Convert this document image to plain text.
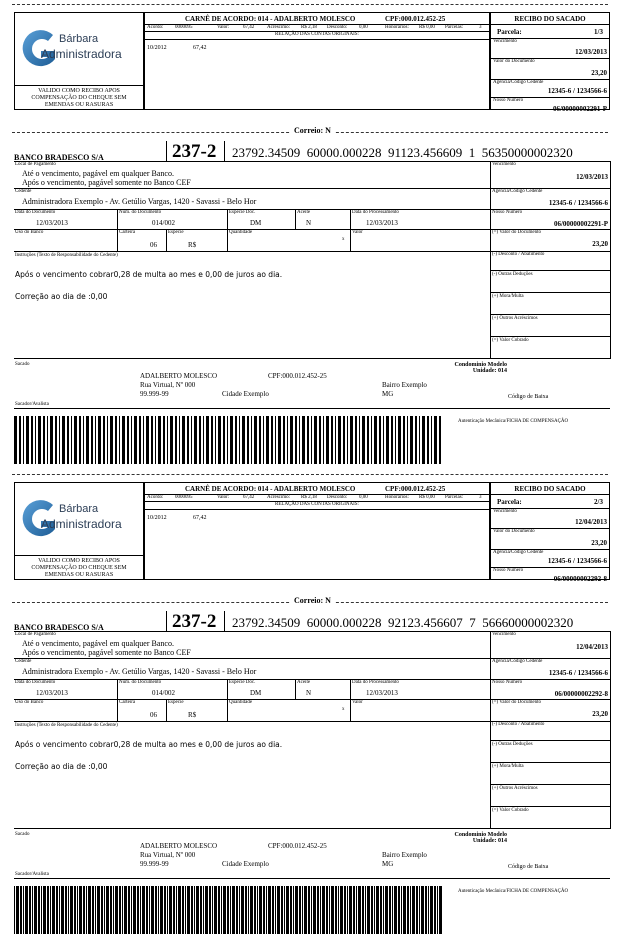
Bárbara
Administradora
VALIDO COMO RECIBO APOS COMPENSAÇÃO DO CHEQUE SEM EMENDAS OU RASURAS
CARNÊ DE ACORDO: 014 - ADALBERTO MOLESCO	CPF:000.012.452-25
Acordo: 0000095	Valor:	67,42	Acréscimo: R$ 2,18 Desconto: 0,00	Honorários: R$ 0,00 Parcelas:	3
RELAÇÃO DAS CONTAS ORIGINAIS:
10/2012	67,42
RECIBO DO SACADO
Parcela:	1/3
Vencimento
12/03/2013
Valor do Documento
23,20
Agência/Código Cedente
12345-6 / 1234566-6
Nosso Numero
06/00000002291-P
Correio: N
BANCO BRADESCO S/A	237-2 23792.34509  60000.000228  91123.456609  1  56350000002320
Local de Pagamento
Até o vencimento, pagável em qualquer Banco.
Após o vencimento, pagável somente no Banco CEF
Cedente
Administradora Exemplo - Av. Getúlio Vargas, 1420 - Savassi - Belo Hor
Data do Documento
12/03/2013
Num. do Documento
014/002
Espécie Doc.
DM
Aceite
N
Data do Processamento
12/03/2013
Uso do Banco	Carteira
06
Espécie
R$
Quantidade
x
Valor
Instruções (Texto de Responsabilidade do Cedente)
Após o vencimento cobrar0,28 de multa ao mes e 0,00 de juros ao dia.
Correção ao dia de :0,00
Vencimento
12/03/2013
Agência/Código Cedente
12345-6 / 1234566-6
Nosso Numero
06/00000002291-P
(=) Valor do Documento
23,20
(-) Desconto / Abatimento
(-) Outras Deduções
(+) Mora/Multa
(+) Outros Acréscimos
(=) Valor Cobrado
Sacado	Condominio Modelo
Unidade: 014
ADALBERTO MOLESCO	CPF:000.012.452-25
Rua Virtual, Nº 000	Bairro Exemplo
99.999-99	Cidade Exemplo	MG	Código de Baixa
Sacador/Avalista
Autenticação Mecânica/FICHA DE COMPENSAÇÃO
Bárbara
Administradora
VALIDO COMO RECIBO APOS COMPENSAÇÃO DO CHEQUE SEM EMENDAS OU RASURAS
CARNÊ DE ACORDO: 014 - ADALBERTO MOLESCO	CPF:000.012.452-25
Acordo: 0000095	Valor:	67,42	Acréscimo: R$ 2,18 Desconto: 0,00	Honorários: R$ 0,00 Parcelas:	3
RELAÇÃO DAS CONTAS ORIGINAIS:
10/2012	67,42
RECIBO DO SACADO
Parcela:	2/3
Vencimento
12/04/2013
Valor do Documento
23,20
Agência/Código Cedente
12345-6 / 1234566-6
Nosso Numero
06/00000002292-8
Correio: N
BANCO BRADESCO S/A	237-2 23792.34509  60000.000228  92123.456607  7  56660000002320
Local de Pagamento
Até o vencimento, pagável em qualquer Banco.
Após o vencimento, pagável somente no Banco CEF
Cedente
Administradora Exemplo - Av. Getúlio Vargas, 1420 - Savassi - Belo Hor
Data do Documento
12/03/2013
Num. do Documento
014/002
Espécie Doc.
DM
Aceite
N
Data do Processamento
12/03/2013
Uso do Banco	Carteira
06
Espécie
R$
Quantidade
x
Valor
Instruções (Texto de Responsabilidade do Cedente)
Após o vencimento cobrar0,28 de multa ao mes e 0,00 de juros ao dia.
Correção ao dia de :0,00
Vencimento
12/04/2013
Agência/Código Cedente
12345-6 / 1234566-6
Nosso Numero
06/00000002292-8
(=) Valor do Documento
23,20
(-) Desconto / Abatimento
(-) Outras Deduções
(+) Mora/Multa
(+) Outros Acréscimos
(=) Valor Cobrado
Sacado	Condominio Modelo
Unidade: 014
ADALBERTO MOLESCO	CPF:000.012.452-25
Rua Virtual, Nº 000	Bairro Exemplo
99.999-99	Cidade Exemplo	MG	Código de Baixa
Sacador/Avalista
Autenticação Mecânica/FICHA DE COMPENSAÇÃO
